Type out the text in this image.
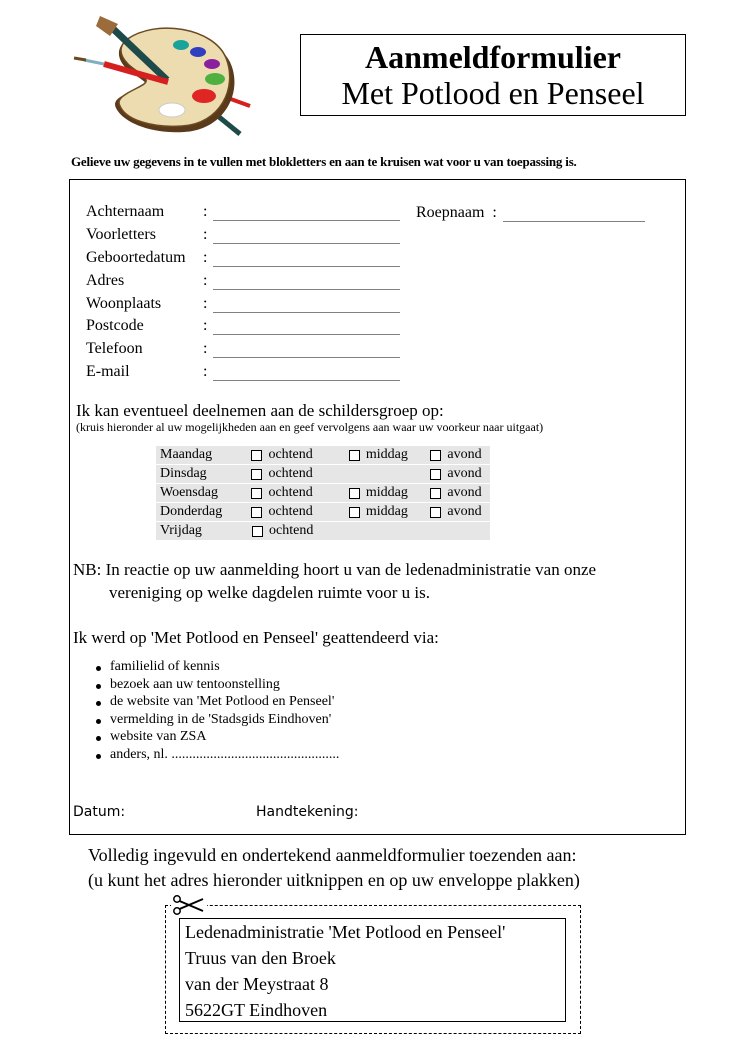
Aanmeldformulier
Met Potlood en Penseel
Gelieve uw gegevens in te vullen met blokletters en aan te kruisen wat voor u van toepassing is.
Achternaam	:
Voorletters	:
Geboortedatum	:
Adres	:
Woonplaats	:
Postcode	:
Telefoon	:
E-mail	:
Roepnaam :
Ik kan eventueel deelnemen aan de schildersgroep op:
(kruis hieronder al uw mogelijkheden aan en geef vervolgens aan waar uw voorkeur naar uitgaat)
Maandag	ochtend	middag	avond
Dinsdag	ochtend	avond
Woensdag	ochtend	middag	avond
Donderdag	ochtend	middag	avond
Vrijdag	ochtend
NB: In reactie op uw aanmelding hoort u van de ledenadministratie van onze
vereniging op welke dagdelen ruimte voor u is.
Ik werd op 'Met Potlood en Penseel' geattendeerd via:
familielid of kennis
bezoek aan uw tentoonstelling
de website van 'Met Potlood en Penseel'
vermelding in de 'Stadsgids Eindhoven'
website van ZSA
anders, nl. ................................................
Datum:	Handtekening:
Volledig ingevuld en ondertekend aanmeldformulier toezenden aan:
(u kunt het adres hieronder uitknippen en op uw enveloppe plakken)
Ledenadministratie 'Met Potlood en Penseel'
Truus van den Broek
van der Meystraat 8
5622GT Eindhoven
